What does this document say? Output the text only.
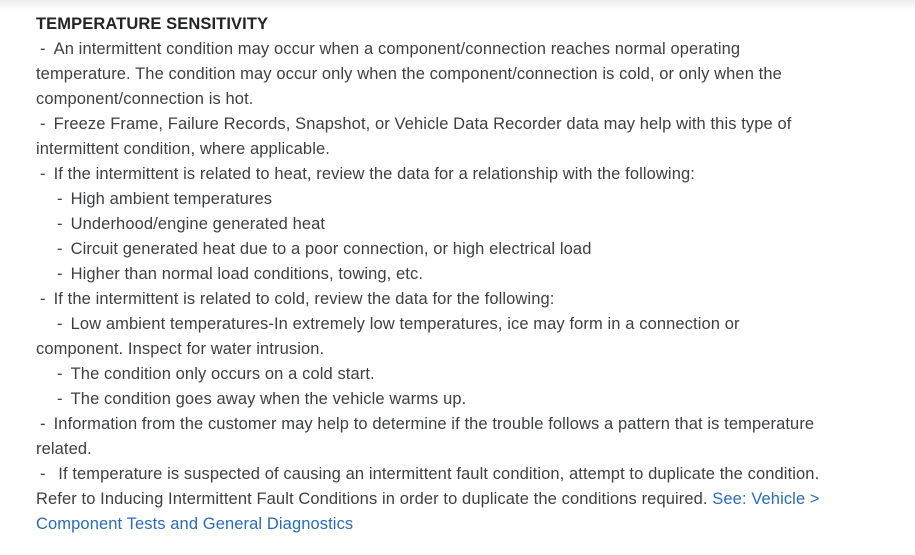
TEMPERATURE SENSITIVITY

- An intermittent condition may occur when a component/connection reaches normal operating temperature. The condition may occur only when the component/connection is cold, or only when the component/connection is hot.

- Freeze Frame, Failure Records, Snapshot, or Vehicle Data Recorder data may help with this type of intermittent condition, where applicable.

- If the intermittent is related to heat, review the data for a relationship with the following:

- High ambient temperatures

- Underhood/engine generated heat

- Circuit generated heat due to a poor connection, or high electrical load

- Higher than normal load conditions, towing, etc.

- If the intermittent is related to cold, review the data for the following:

- Low ambient temperatures-In extremely low temperatures, ice may form in a connection or component. Inspect for water intrusion.

- The condition only occurs on a cold start.

- The condition goes away when the vehicle warms up.

- Information from the customer may help to determine if the trouble follows a pattern that is temperature related.

- If temperature is suspected of causing an intermittent fault condition, attempt to duplicate the condition. Refer to Inducing Intermittent Fault Conditions in order to duplicate the conditions required. See: Vehicle > Component Tests and General Diagnostics
